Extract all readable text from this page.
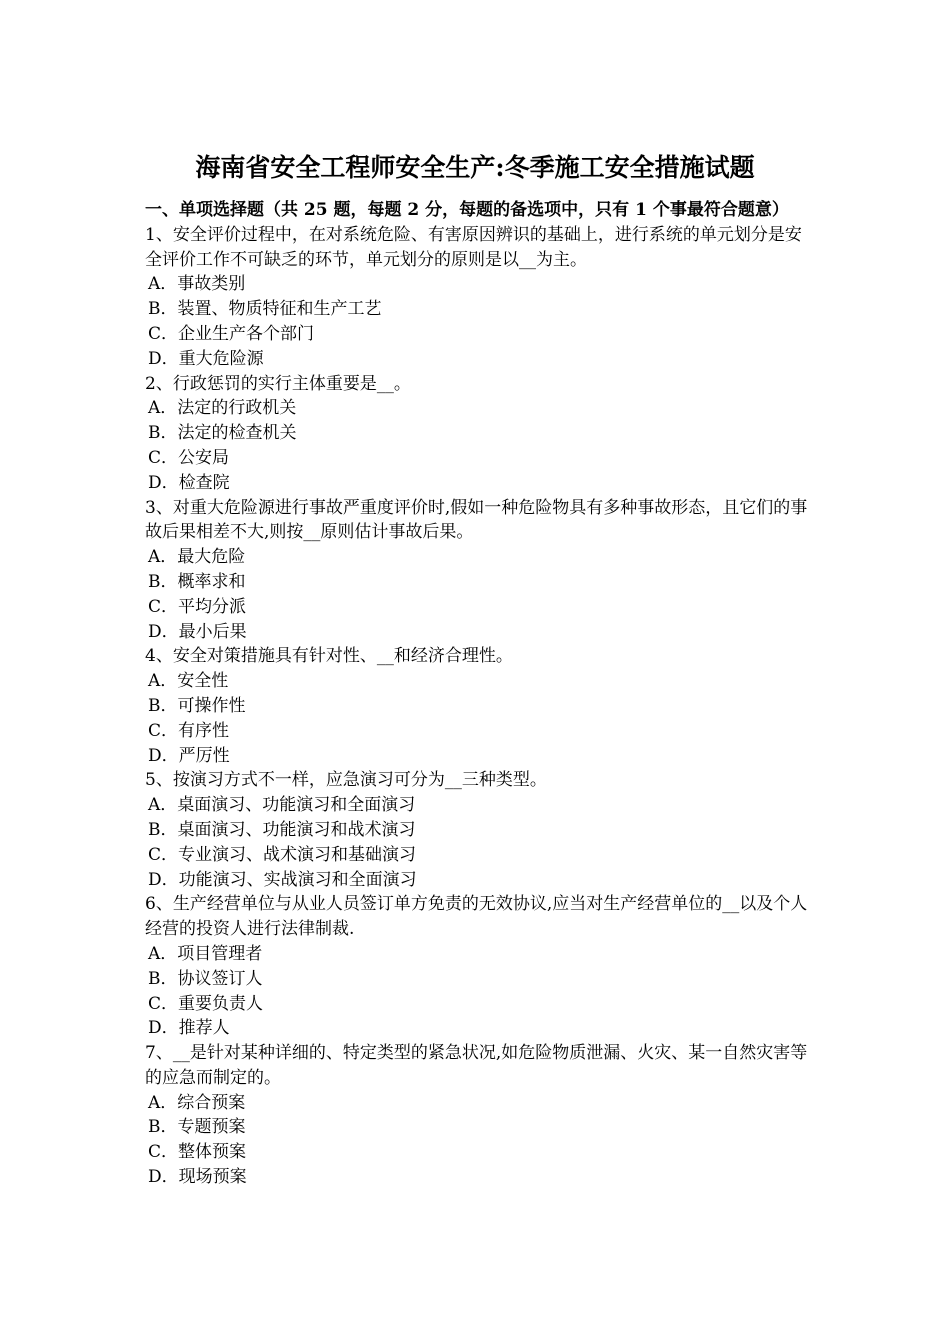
海南省安全工程师安全生产:冬季施工安全措施试题
一、单项选择题（共 25 题，每题 2 分，每题的备选项中，只有 1 个事最符合题意）
1、安全评价过程中，在对系统危险、有害原因辨识的基础上，进行系统的单元划分是安全评价工作不可缺乏的环节，单元划分的原则是以__为主。
A．事故类别
B．装置、物质特征和生产工艺
C．企业生产各个部门
D．重大危险源
2、行政惩罚的实行主体重要是__。
A．法定的行政机关
B．法定的检查机关
C．公安局
D．检查院
3、对重大危险源进行事故严重度评价时,假如一种危险物具有多种事故形态，且它们的事故后果相差不大,则按__原则估计事故后果。
A．最大危险
B．概率求和
C．平均分派
D．最小后果
4、安全对策措施具有针对性、__和经济合理性。
A．安全性
B．可操作性
C．有序性
D．严厉性
5、按演习方式不一样，应急演习可分为__三种类型。
A．桌面演习、功能演习和全面演习
B．桌面演习、功能演习和战术演习
C．专业演习、战术演习和基础演习
D．功能演习、实战演习和全面演习
6、生产经营单位与从业人员签订单方免责的无效协议,应当对生产经营单位的__以及个人经营的投资人进行法律制裁.
A．项目管理者
B．协议签订人
C．重要负责人
D．推荐人
7、__是针对某种详细的、特定类型的紧急状况,如危险物质泄漏、火灾、某一自然灾害等的应急而制定的。
A．综合预案
B．专题预案
C．整体预案
D．现场预案
